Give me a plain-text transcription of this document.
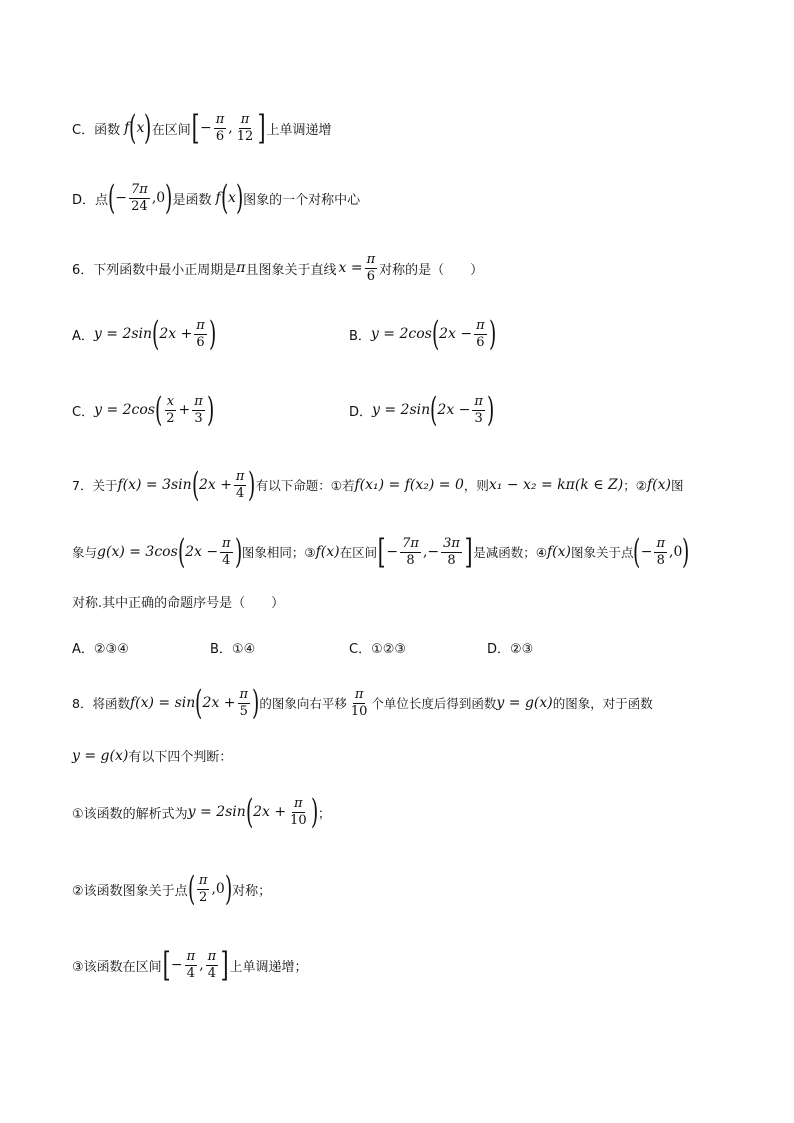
C．函数 f ( x ) 在区间 [ − $\frac{\pi}{6}$ , $\frac{\pi}{12}$ ] 上单调递增
D．点 ( − $\frac{7\pi}{24} ,0$ ) 是函数 f ( x ) 图象的一个对称中心
6．下列函数中最小正周期是 π 且图象关于直线 $x = \frac{\pi}{6}$ 对称的是（　　）
A． y = 2sin ( $2x + \frac{\pi}{6}$ )	B． y = 2cos ( $2x - \frac{\pi}{6}$ )
C． y = 2cos ( $\frac{x}{2} + \frac{\pi}{3}$ )	D． y = 2sin ( $2x - \frac{\pi}{3}$ )
7．关于 f(x) = 3sin ( $2x + \frac{\pi}{4}$ ) 有以下命题：①若 f(x₁) = f(x₂) = 0 ，则 x₁ − x₂ = kπ(k ∈ Z) ；② f(x) 图
象与 g(x) = 3cos ( $2x - \frac{\pi}{4}$ ) 图象相同；③ f(x) 在区间 [ − $\frac{7\pi}{8}$ ,− $\frac{3\pi}{8}$ ] 是减函数；④ f(x) 图象关于点 ( − $\frac{\pi}{8} ,0$ )
对称.其中正确的命题序号是（　　）
A．②③④	B．①④	C．①②③	D．②③
8．将函数 f(x) = sin ( $2x + \frac{\pi}{5}$ ) 的图象向右平移 $\frac{\pi}{10}$ 个单位长度后得到函数 y = g(x) 的图象，对于函数
y = g(x) 有以下四个判断：
①该函数的解析式为 y = 2sin ( $2x + \frac{\pi}{10}$ ) ；
②该函数图象关于点 ( $\frac{\pi}{2} ,0$ ) 对称；
③该函数在区间 [ − $\frac{\pi}{4}$ , $\frac{\pi}{4}$ ] 上单调递增；
